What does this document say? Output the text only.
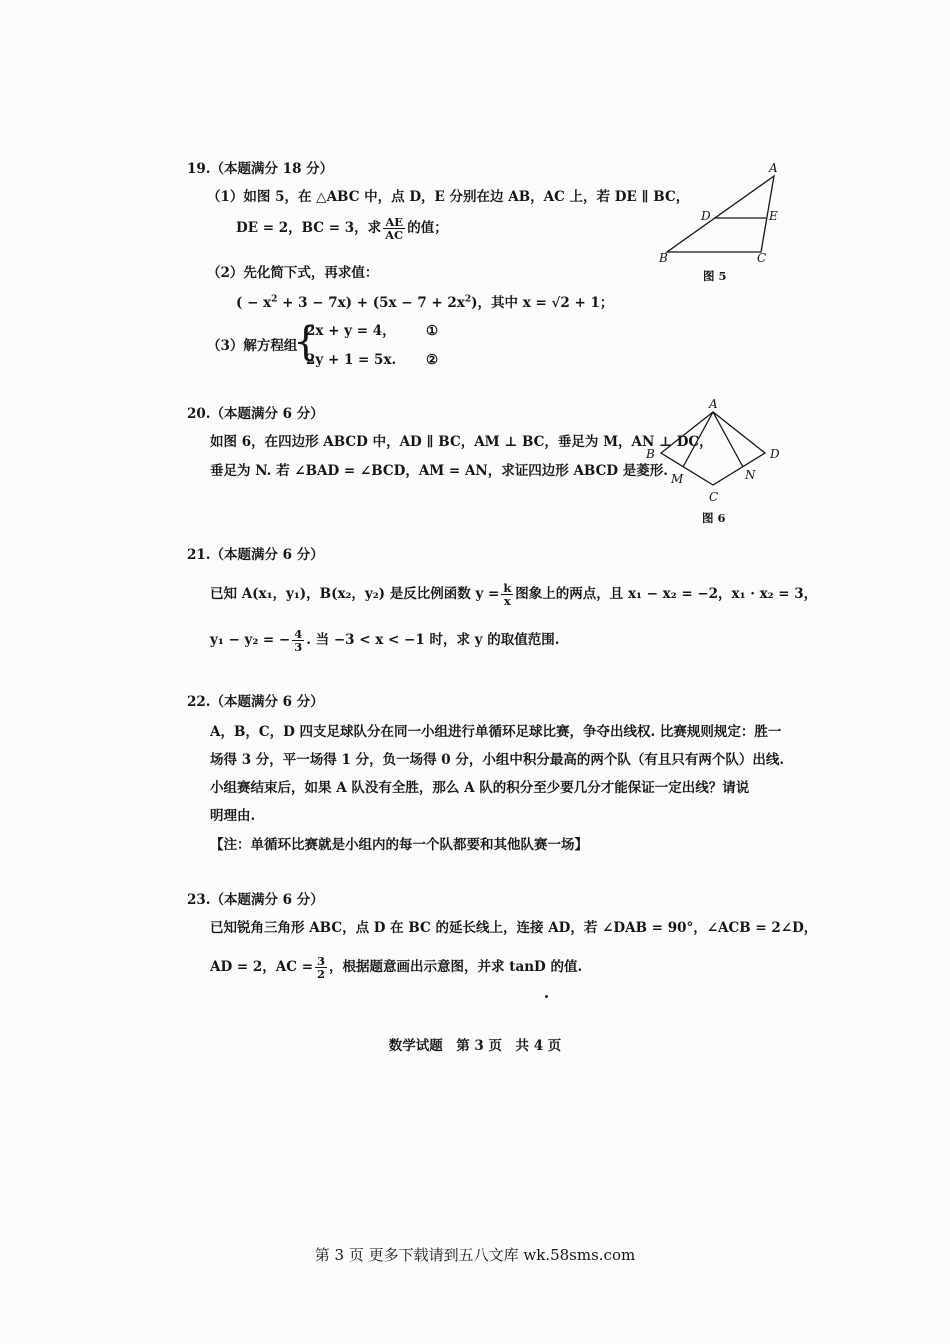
19.（本题满分 18 分）
（1）如图 5，在 △ABC 中，点 D，E 分别在边 AB，AC 上，若 DE ∥ BC，
DE = 2，BC = 3，求 $\frac{AE}{AC}$ 的值；
（2）先化简下式，再求值：
( − $x^2 + 3 - 7x) + (5x - 7 + 2x^2)$，其中 x = √2 + 1；
（3）解方程组
{
2x + y = 4， ①
2y + 1 = 5x. ②
A
B	C
D	E
图 5
20.（本题满分 6 分）
如图 6，在四边形 ABCD 中，AD ∥ BC，AM ⊥ BC，垂足为 M，AN ⊥ DC，
垂足为 N. 若 ∠BAD = ∠BCD，AM = AN，求证四边形 ABCD 是菱形.
A
B
C
D
M	N
图 6
21.（本题满分 6 分）
已知 A(x₁，y₁)，B(x₂，y₂) 是反比例函数 $y = \frac{k}{x}$ 图象上的两点，且 x₁ − x₂ = −2，x₁ · x₂ = 3，
y₁ − y₂ = − $\frac{4}{3}$ . 当 −3 < x < −1 时，求 y 的取值范围.
22.（本题满分 6 分）
A，B，C，D 四支足球队分在同一小组进行单循环足球比赛，争夺出线权. 比赛规则规定：胜一
场得 3 分，平一场得 1 分，负一场得 0 分，小组中积分最高的两个队（有且只有两个队）出线.
小组赛结束后，如果 A 队没有全胜，那么 A 队的积分至少要几分才能保证一定出线？请说
明理由.
【注：单循环比赛就是小组内的每一个队都要和其他队赛一场】
23.（本题满分 6 分）
已知锐角三角形 ABC，点 D 在 BC 的延长线上，连接 AD，若 ∠DAB = 90°，∠ACB = 2∠D，
AD = 2，AC = $\frac{3}{2}$ ，根据题意画出示意图，并求 tanD 的值.
数学试题　第 3 页　共 4 页
第 3 页 更多下载请到五八文库 wk.58sms.com
